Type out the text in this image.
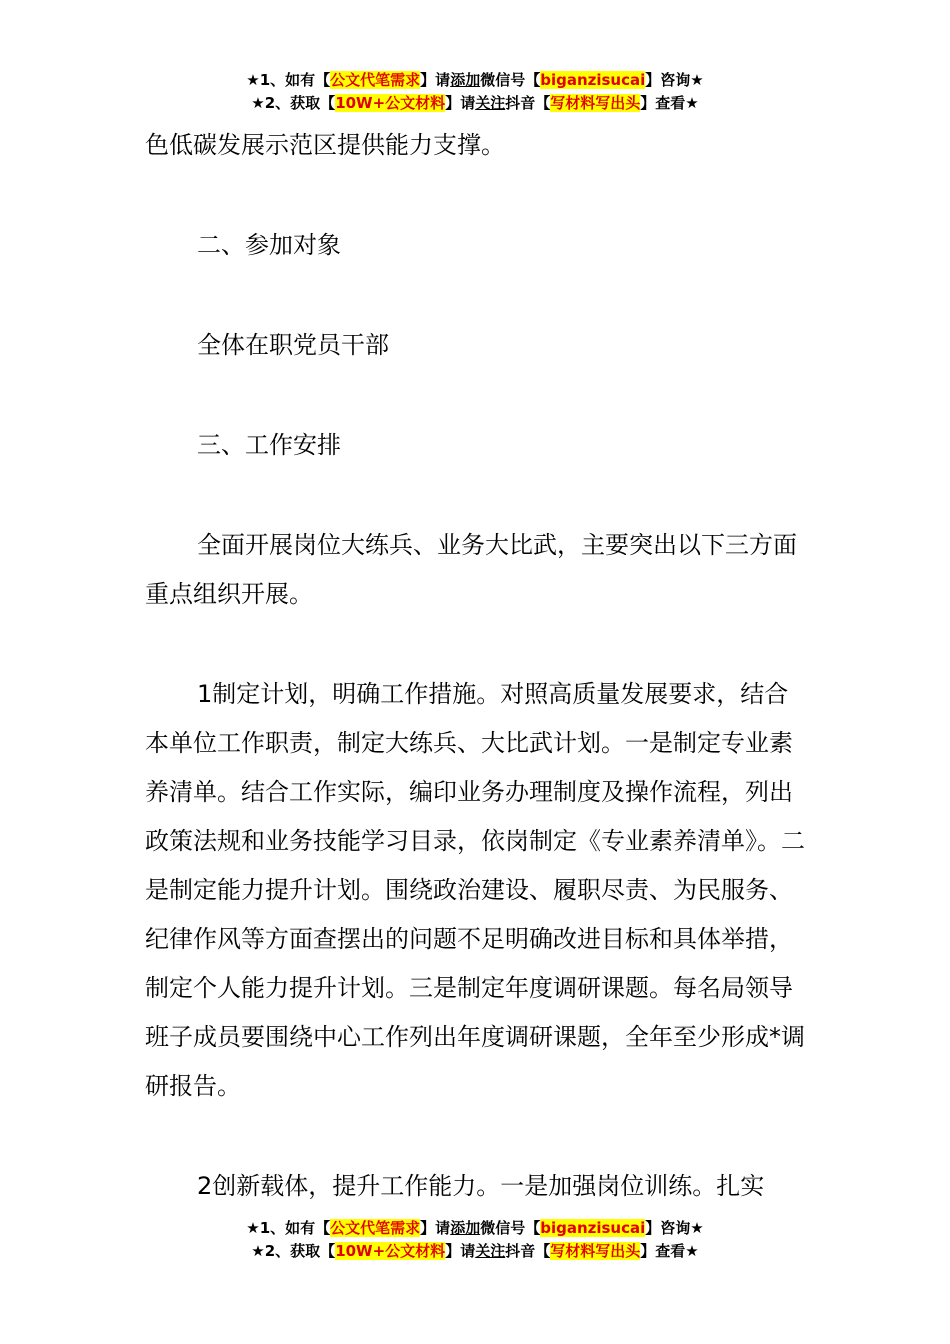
★1、如有【公文代笔需求】请添加微信号【biganzisucai】咨询★
★2、获取【10W+公文材料】请关注抖音【写材料写出头】查看★

色低碳发展示范区提供能力支撑。

二、参加对象

全体在职党员干部

三、工作安排

全面开展岗位大练兵、业务大比武，主要突出以下三方面重点组织开展。

1制定计划，明确工作措施。对照高质量发展要求，结合本单位工作职责，制定大练兵、大比武计划。一是制定专业素养清单。结合工作实际，编印业务办理制度及操作流程，列出政策法规和业务技能学习目录，依岗制定《专业素养清单》。二是制定能力提升计划。围绕政治建设、履职尽责、为民服务、纪律作风等方面查摆出的问题不足明确改进目标和具体举措，制定个人能力提升计划。三是制定年度调研课题。每名局领导班子成员要围绕中心工作列出年度调研课题，全年至少形成*调研报告。

2创新载体，提升工作能力。一是加强岗位训练。扎实

★1、如有【公文代笔需求】请添加微信号【biganzisucai】咨询★
★2、获取【10W+公文材料】请关注抖音【写材料写出头】查看★
